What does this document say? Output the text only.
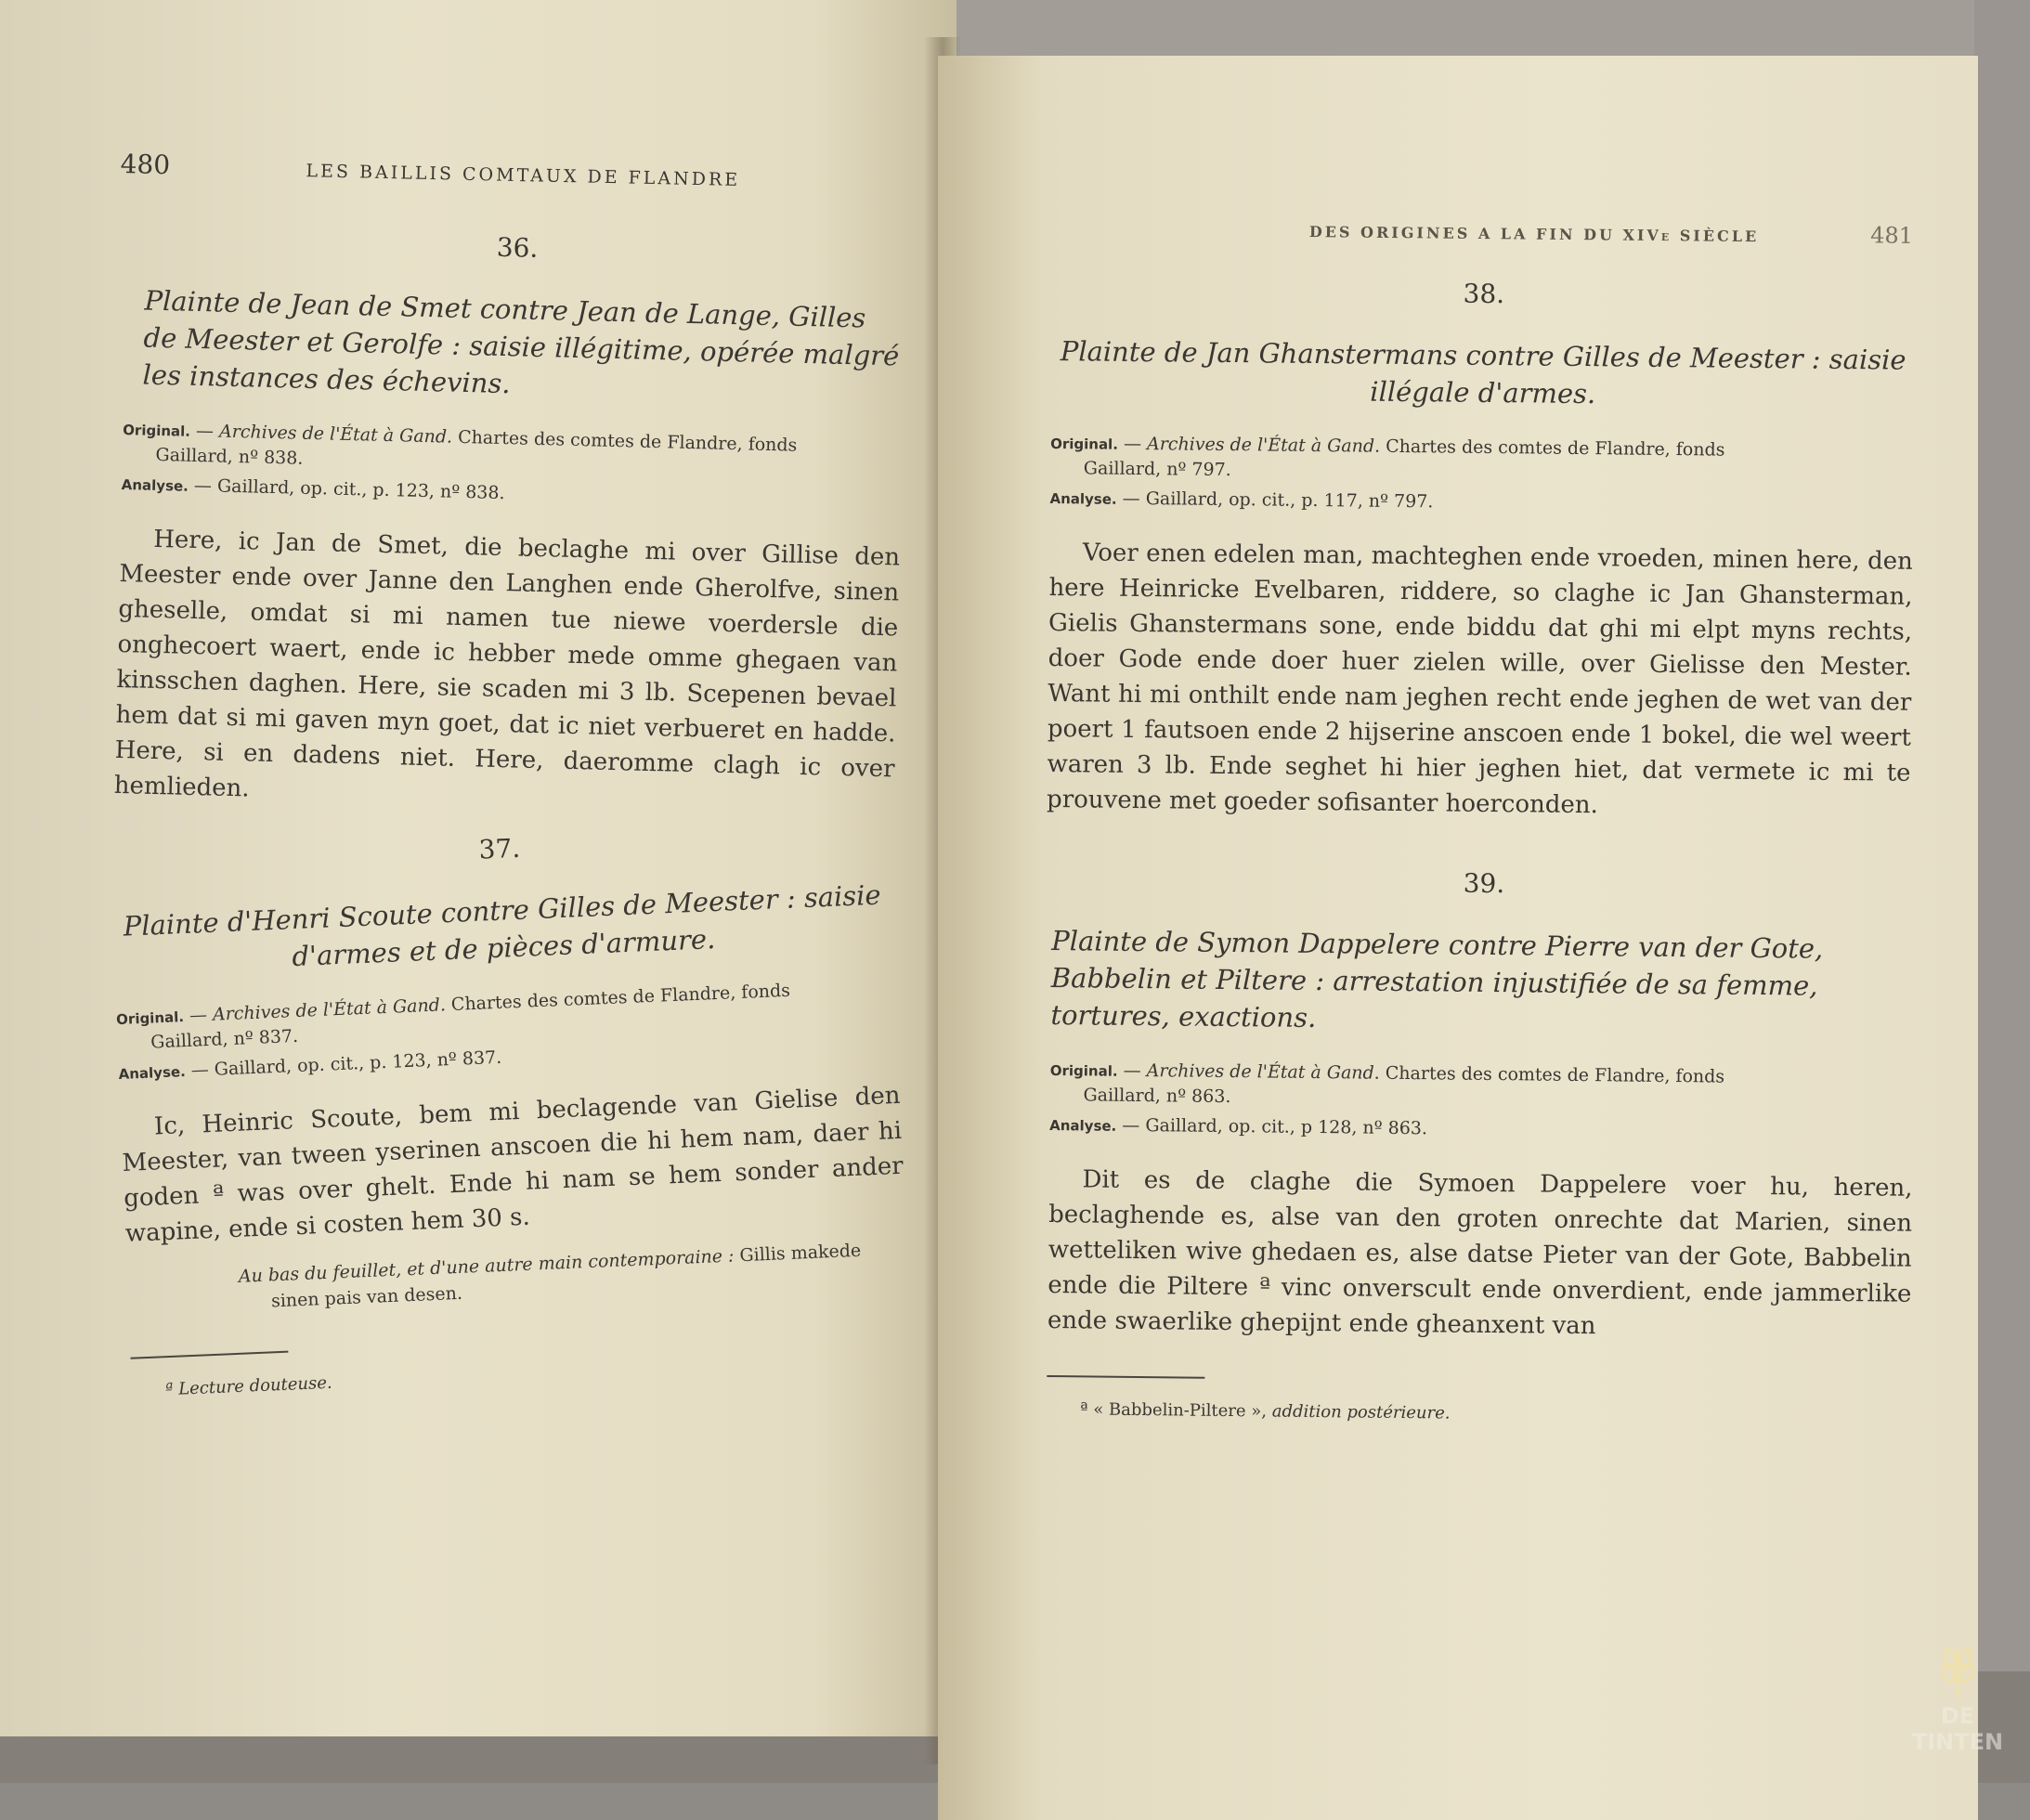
480	LES BAILLIS COMTAUX DE FLANDRE

36.

Plainte de Jean de Smet contre Jean de Lange, Gilles de Meester et Gerolfe : saisie illégitime, opérée malgré les instances des échevins.

Original. — Archives de l'État à Gand. Chartes des comtes de Flandre, fonds
Gaillard, nº 838.

Analyse. — Gaillard, op. cit., p. 123, nº 838.

Here, ic Jan de Smet, die beclaghe mi over Gillise den Meester ende over Janne den Langhen ende Gherolfve, sinen gheselle, omdat si mi namen tue niewe voerdersle die onghecoert waert, ende ic hebber mede omme ghegaen van kinsschen daghen. Here, sie scaden mi 3 lb. Scepenen bevael hem dat si mi gaven myn goet, dat ic niet verbueret en hadde. Here, si en dadens niet. Here, daeromme clagh ic over hemlieden.

37.

Plainte d'Henri Scoute contre Gilles de Meester : saisie d'armes et de pièces d'armure.

Original. — Archives de l'État à Gand. Chartes des comtes de Flandre, fonds
Gaillard, nº 837.

Analyse. — Gaillard, op. cit., p. 123, nº 837.

Ic, Heinric Scoute, bem mi beclagende van Gielise den Meester, van tween yserinen anscoen die hi hem nam, daer hi goden ª was over ghelt. Ende hi nam se hem sonder ander wapine, ende si costen hem 30 s.

Au bas du feuillet, et d'une autre main contemporaine : Gillis makede
sinen pais van desen.

ª Lecture douteuse.

DES ORIGINES A LA FIN DU XIVe SIÈCLE	481

38.

Plainte de Jan Ghanstermans contre Gilles de Meester : saisie illégale d'armes.

Original. — Archives de l'État à Gand. Chartes des comtes de Flandre, fonds
Gaillard, nº 797.

Analyse. — Gaillard, op. cit., p. 117, nº 797.

Voer enen edelen man, machteghen ende vroeden, minen here, den here Heinricke Evelbaren, riddere, so claghe ic Jan Ghansterman, Gielis Ghanstermans sone, ende biddu dat ghi mi elpt myns rechts, doer Gode ende doer huer zielen wille, over Gielisse den Mester. Want hi mi onthilt ende nam jeghen recht ende jeghen de wet van der poert 1 fautsoen ende 2 hijserine anscoen ende 1 bokel, die wel weert waren 3 lb. Ende seghet hi hier jeghen hiet, dat vermete ic mi te prouvene met goeder sofisanter hoerconden.

39.

Plainte de Symon Dappelere contre Pierre van der Gote, Babbelin et Piltere : arrestation injustifiée de sa femme, tortures, exactions.

Original. — Archives de l'État à Gand. Chartes des comtes de Flandre, fonds
Gaillard, nº 863.

Analyse. — Gaillard, op. cit., p 128, nº 863.

Dit es de claghe die Symoen Dappelere voer hu, heren, beclaghende es, alse van den groten onrechte dat Marien, sinen wetteliken wive ghedaen es, alse datse Pieter van der Gote, Babbelin ende die Piltere ª vinc onverscult ende onverdient, ende jammerlike ende swaerlike ghepijnt ende gheanxent van

ª « Babbelin-Piltere », addition postérieure.

DE TINTEN
